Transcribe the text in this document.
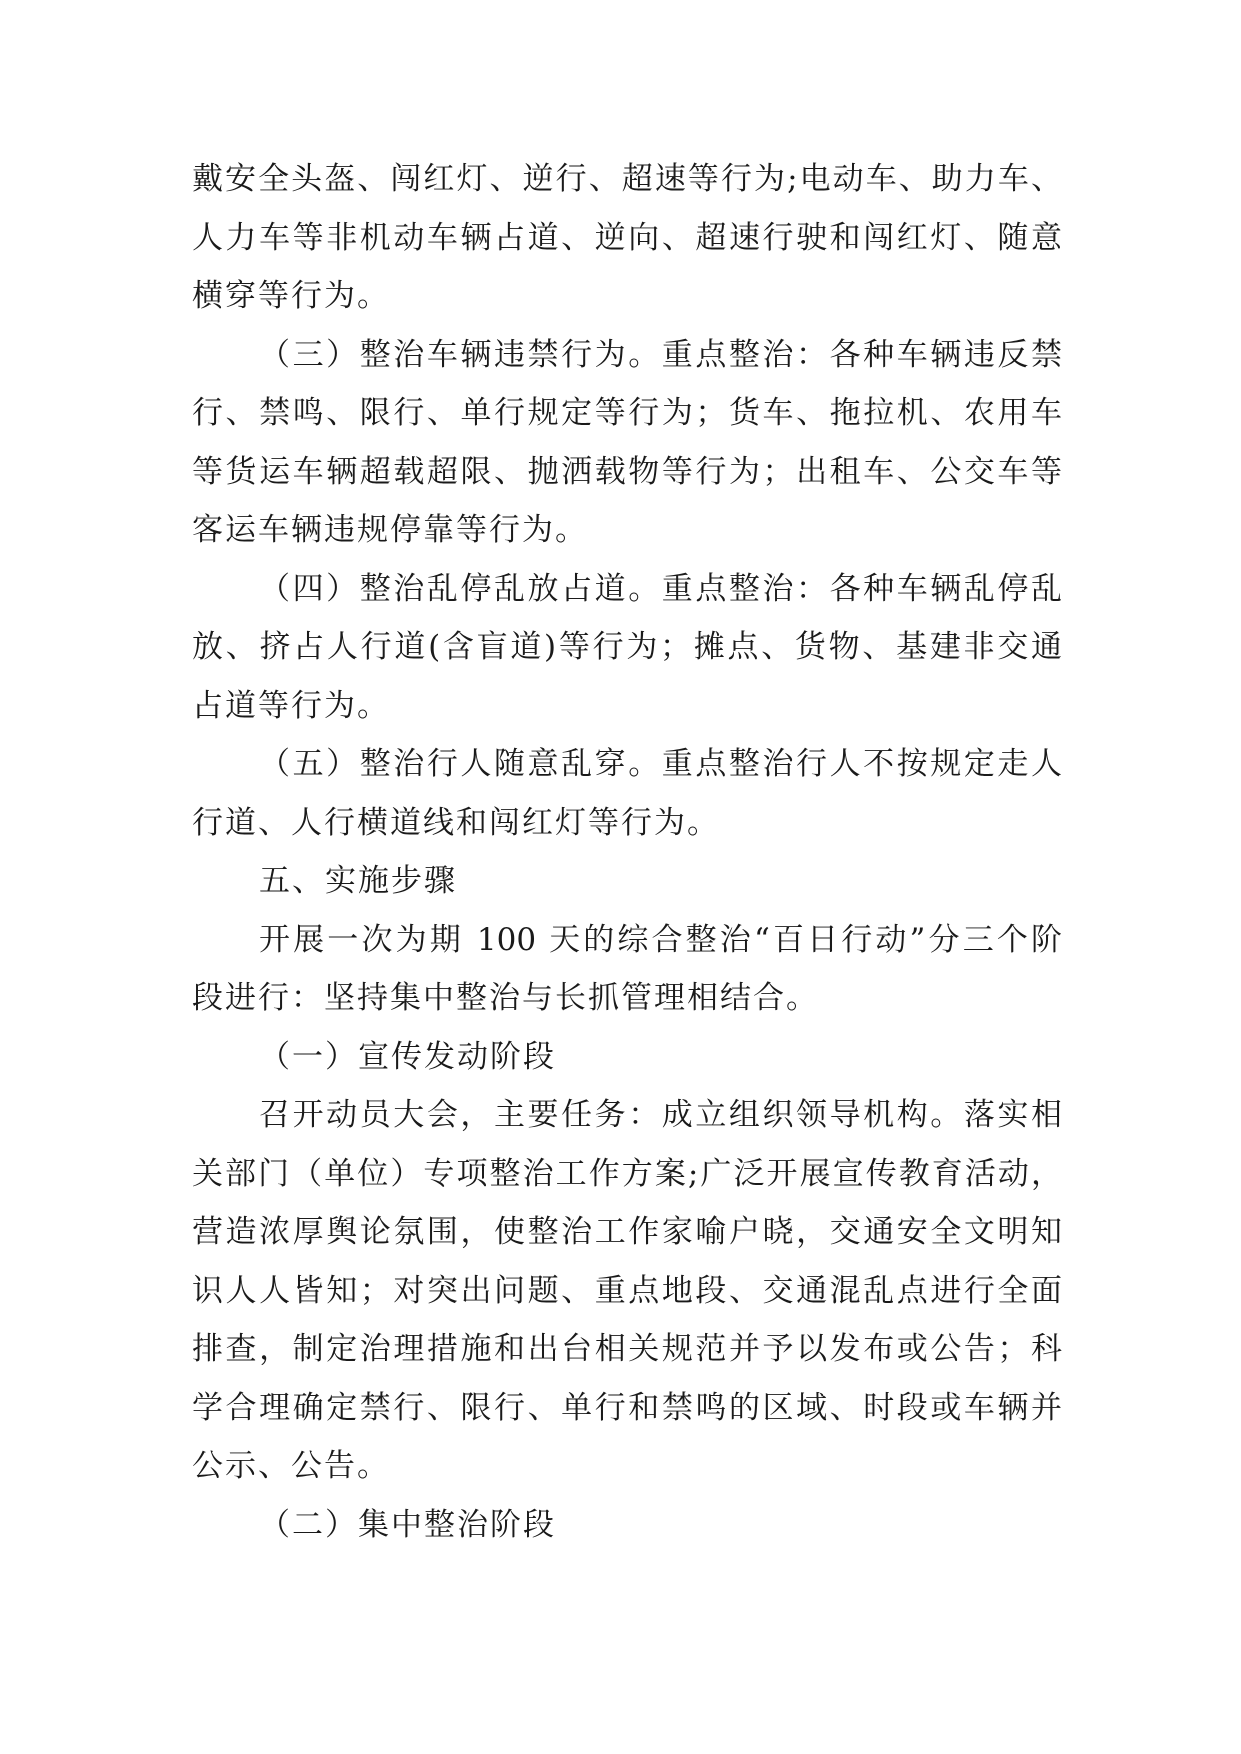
戴安全头盔、闯红灯、逆行、超速等行为;电动车、助力车、
人力车等非机动车辆占道、逆向、超速行驶和闯红灯、随意
横穿等行为。
（三）整治车辆违禁行为。重点整治：各种车辆违反禁
行、禁鸣、限行、单行规定等行为；货车、拖拉机、农用车
等货运车辆超载超限、抛洒载物等行为；出租车、公交车等
客运车辆违规停靠等行为。
（四）整治乱停乱放占道。重点整治：各种车辆乱停乱
放、挤占人行道(含盲道)等行为；摊点、货物、基建非交通
占道等行为。
（五）整治行人随意乱穿。重点整治行人不按规定走人
行道、人行横道线和闯红灯等行为。
五、实施步骤
开展一次为期 100 天的综合整治“百日行动”分三个阶
段进行：坚持集中整治与长抓管理相结合。
（一）宣传发动阶段
召开动员大会，主要任务：成立组织领导机构。落实相
关部门（单位）专项整治工作方案;广泛开展宣传教育活动，
营造浓厚舆论氛围，使整治工作家喻户晓，交通安全文明知
识人人皆知；对突出问题、重点地段、交通混乱点进行全面
排查，制定治理措施和出台相关规范并予以发布或公告；科
学合理确定禁行、限行、单行和禁鸣的区域、时段或车辆并
公示、公告。
（二）集中整治阶段
